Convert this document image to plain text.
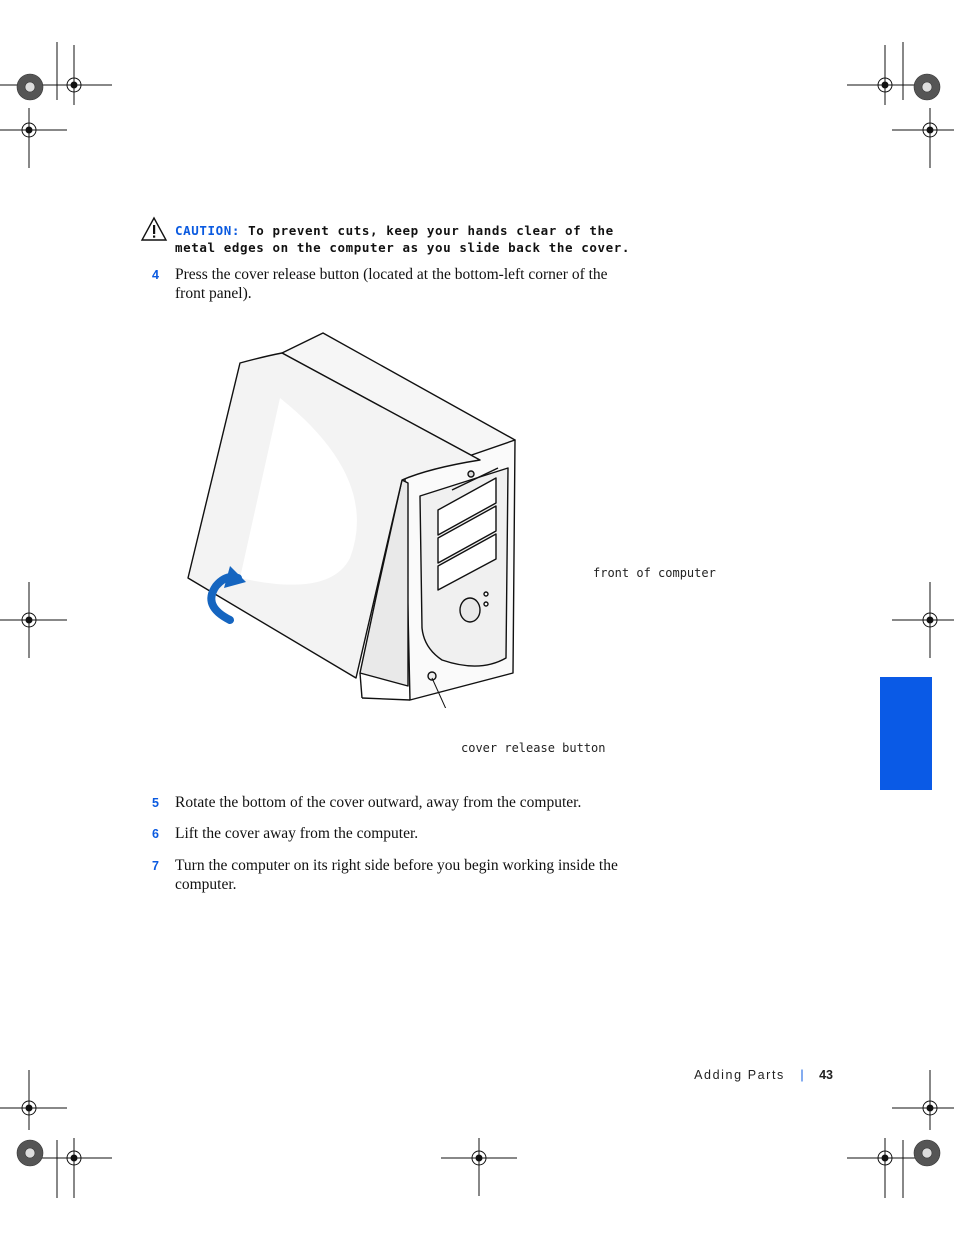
CAUTION: To prevent cuts, keep your hands clear of the metal edges on the computer as you slide back the cover.
4	Press the cover release button (located at the bottom-left corner of the front panel).
front of computer
cover release button
5	Rotate the bottom of the cover outward, away from the computer.
6	Lift the cover away from the computer.
7	Turn the computer on its right side before you begin working inside the computer.
Adding Parts | 43
